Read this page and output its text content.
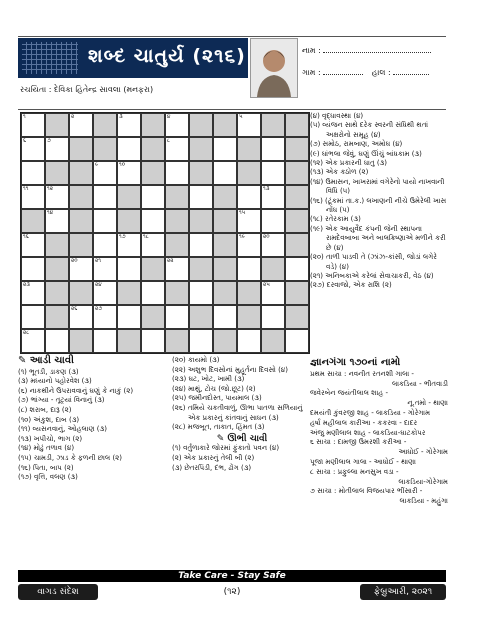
શબ્દ ચાતુર્ય (૨૧૬)
રચયિતા : દેવિકા હિતેન્દ્ર સાવલા (મનફરા)
નામ :
ગામ :	હાલ :
૧	૨	૩	૪	૫
૬	૭	૮
૯	૧૦
૧૧	૧૨	૧૩
૧૪	૧૫
૧૬	૧૭	૧૮	૧૯	૨૦
૨૦	૨૧	૨૨
૨૩	૨૪	૨૫
૨૬	૨૭
૨૮
(૪) વૃદ્ધાવસ્થા (૪)
(૫) વ્યંજન સાથે દરેક સ્વરની સંધિથી થતાં અક્ષરોનો સમૂહ (૪)
(૭) સમોઠ, રામબાણ, અમોઘ (૪)
(૯) ઘાંભલા જેવું, ઘણું ઊંચું બાંધકામ (૩)
(૧૨) એક પ્રકારની ધાતુ (૩)
(૧૩) એક કઠોળ (૨)
(૧૪) ઉમાસન, ખાખરામાં વગેરેનો પાયો નાખવાની વિધિ (૫)
(૧૬) (ટૂંકમાં તા.ક.) લખાણની નીચે ઉમેરેલી ખાસ નોંધ (૫)
(૧૮) રતેરકામ (૩)
(૧૯) એક આયુર્વેદ કંપની જેની સ્થાપના રામદેવબાબા અને બાલક્રિષ્ણાએ મળીને કરી છે (૪)
(૨૦) તાળી પાડવી તે (ઝાંઝ-કાંસી, જોડાં લગેરે વડે) (૪)
(૨૧) અનિબકાએ કરેલાં સેવાચાકરી, વેઠ (૪)
(૨૭) દરવાજો, એક રાશિ (૨)
✎ આડી ચાવી
(૧) ભૂતડી, ડાકણ (૩)
(૩) મધ્યાનો પહોરવેશ (૩)
(૬) નાકથીને ઉપરાવવાનું ઘણું કે નાકું (૨)
(૭) ભાંગ્યા - તૂટ્યાં વિનાનું (૩)
(૮) શરાબ, દારૂ (૨)
(૧૦) અંકુશ, દાબ (૩)
(૧૧) વ્યસનવાનું, ઓહલાણ (૩)
(૧૩) ખપીચો, ભાગ (૨)
(૧૪) મોઢું તળાવ (૪)
(૧૫) ચામડી, ઝાડ કે ફળની છાલ (૨)
(૧૬) પિતા, બાપ (૨)
(૧૭) વૃત્તિ, વલણ (૩)
(૨૦) કાયમો (૩)
(૨૨) અશુભ દિવસોનાં મુહૂર્તના દિવસો (૪)
(૨૩) ઘટ, ખોટ, ખામી (૩)
(૨૪) માથું, ટોચ (જો.છૂટ) (૨)
(૨૫) જમીનદોસ્ત, પાયમાલ (૩)
(૨૬) તમિયે ચકતીવાળું, ઊભા પાતળા સળિયાનું એક પ્રકારનું કાંતવાનું સાધન (૩)
(૨૮) મજબૂત, તાકાત, હિંમત (૩)
✎ ઊભી ચાવી
(૧) વર્તુળાકારે જોરમાં ફુંકાતો પવન (૪)
(૨) એક પ્રકારનું તેલી બી (૨)
(૩) છેતરપિંડી, દંભ, ઢોંગ (૩)
જ્ઞાનગંગા ૧૭૦નાં નામો
પ્રથમ સાચા : નવનીત રતનશી ગાલા -
લાકડિયા - ભીતવાડી
જવેરબેન જયંતીલાલ શાહ -
નૂ.તમો - થાણા
દમયંતી કુંવરજી શાહ - લાકડિયા - ગોરેગામ
હર્ષા મહીલાલ કારીઆ - કકરવા - દાદર
અંજુ મણીલાલ શાહ - લાકડિયા-ઘાટકોપર
૬ સાચા : દામજી ઉમરશી કરીઆ -
આધોઈ - ગોરેગામ
પૂજા મણીલાલ ગાલા - આધોઈ - થાણા
૮ સાચા : પ્રફુલ્લા મનસુખ વડા -
લાકડિયા-ગોરેગામ
૭ સાચા : મોતીલાલ વિજયપાર ભીંસારી -
લાકડિયા - મહુંગા
Take Care - Stay Safe
વાગડ સંદેશ	(૧૨)	ફેબ્રુઆરી, ૨૦૨૧
